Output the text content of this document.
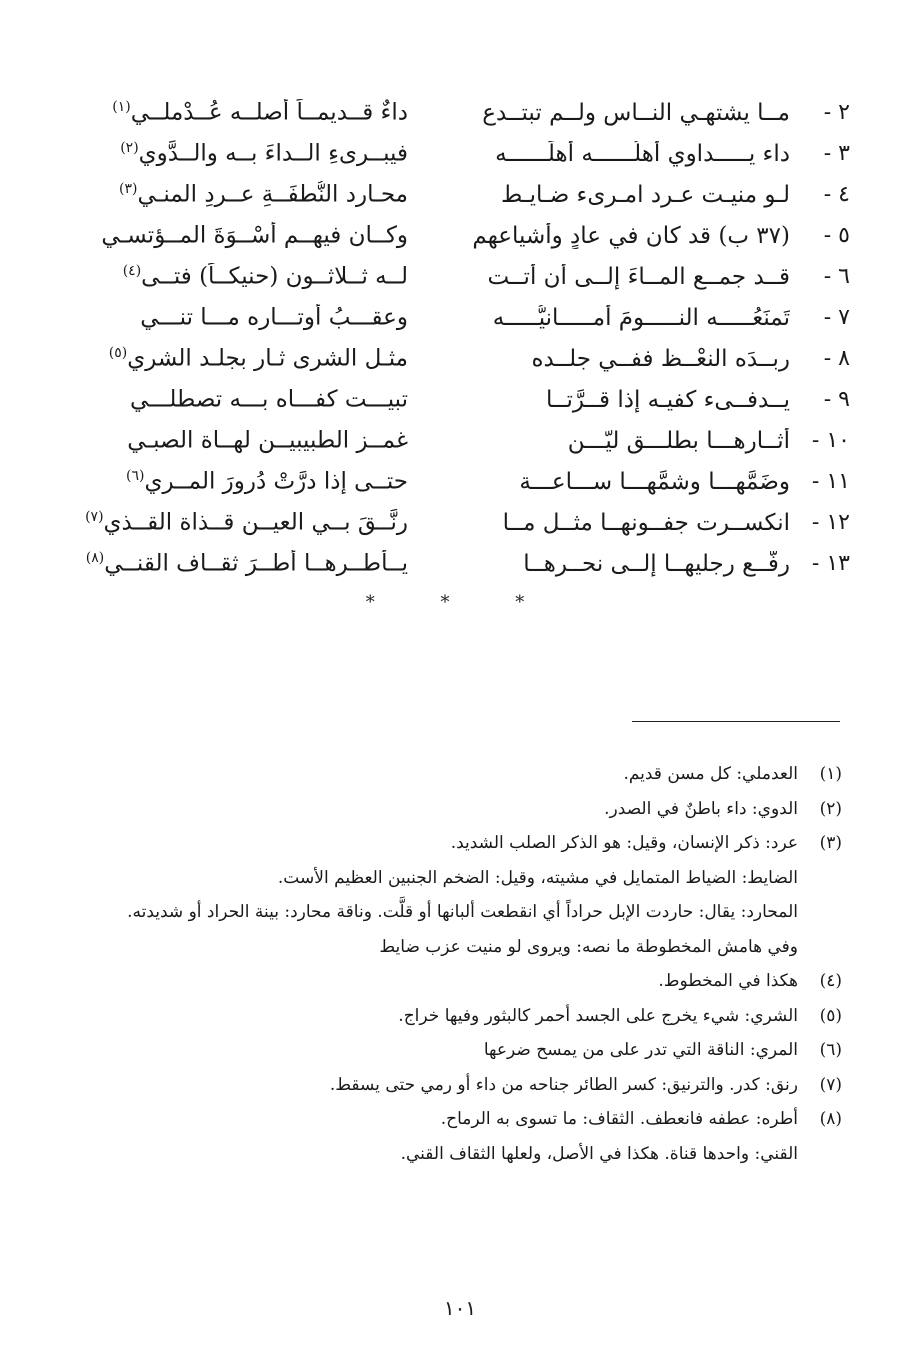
٢ -
مــا يشتهـي النــاس ولــم تبتــدعِ
داءٌ قــديمــاً أصلــه عُــدْملــي$^{(١)}$
٣ -
داء يـــــداوي أهلُــــــه أهلَــــــه
فيبــرىءِ الــداءَ بــه والــدَّوي$^{(٢)}$
٤ -
لـو منيـت عـرد امـرىء ضـايـط
محـارد النُّطفَــةِ عــردِ المنـي$^{(٣)}$
٥ -
(٣٧ ب) قد كان في عادٍ وأشياعهم
وكــان فيهــم أسْــوَةَ المــؤتسـي
٦ -
قــد جمــع المــاءَ إلــى أن أتــت
لــه ثــلاثــون (حنيكــاً) فتــى$^{(٤)}$
٧ -
تَمنَعُـــــه النـــــومَ أمـــــانيُّـــــه
وعقـــبُ أوتـــاره مـــا تنـــي
٨ -
ربــدَه النعْــظ ففــي جلــده
مثـل الشرى ثـار بجلـد الشري$^{(٥)}$
٩ -
يــدفــىء كفيـه إذا قــرَّتــا
تبيـــت كفـــاه بـــه تصطلـــي
١٠ -
أثــارهـــا بطلـــق ليّـــن
غمــز الطبيبيــن لهــاة الصبـي
١١ -
وضَمَّهـــا وشمَّهـــا ســـاعـــة
حتــى إذا درَّتْ دُرورَ المــري$^{(٦)}$
١٢ -
انكســرت جفــونهــا مثــل مــا
رنَّــقَ بــي العيــن قــذاة القــذي$^{(٧)}$
١٣ -
رفَّــع رجليهــا إلــى نحــرهــا
يــأطــرهــا أطــرَ ثقــاف القنــي$^{(٨)}$
* * *
(١)
العدملي: كل مسن قديم.
(٢)
الدوي: داء باطنٌ في الصدر.
(٣)
عرد: ذكر الإنسان، وقيل: هو الذكر الصلب الشديد.
الضايط: الضياط المتمايل في مشيته، وقيل: الضخم الجنبين العظيم الأست.
المحارد: يقال: حاردت الإبل حراداً أي انقطعت ألبانها أو قلَّت. وناقة محارد: بينة الحراد أو شديدته.
وفي هامش المخطوطة ما نصه: ويروى لو منيت عزب ضايط
(٤)
هكذا في المخطوط.
(٥)
الشري: شيء يخرج على الجسد أحمر كالبثور وفيها خراج.
(٦)
المري: الناقة التي تدر على من يمسح ضرعها
(٧)
رنق: كدر. والترنيق: كسر الطائر جناحه من داء أو رمي حتى يسقط.
(٨)
أطره: عطفه فانعطف. الثقاف: ما تسوى به الرماح.
القني: واحدها قناة. هكذا في الأصل، ولعلها الثقاف القني.
١٠١
